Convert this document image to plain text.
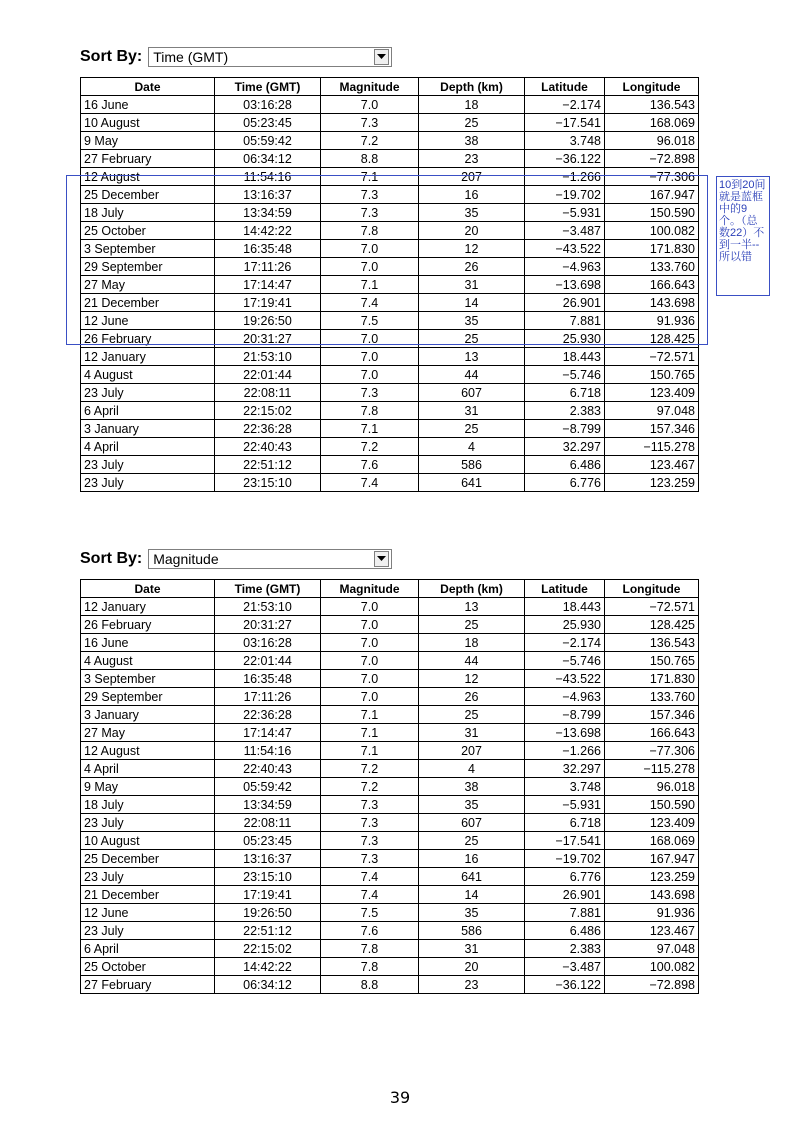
Sort By: Time (GMT)
Date	Time (GMT)	Magnitude	Depth (km)	Latitude	Longitude
16 June	03:16:28	7.0	18	−2.174	136.543
10 August	05:23:45	7.3	25	−17.541	168.069
9 May	05:59:42	7.2	38	3.748	96.018
27 February	06:34:12	8.8	23	−36.122	−72.898
12 August	11:54:16	7.1	207	−1.266	−77.306
25 December	13:16:37	7.3	16	−19.702	167.947
18 July	13:34:59	7.3	35	−5.931	150.590
25 October	14:42:22	7.8	20	−3.487	100.082
3 September	16:35:48	7.0	12	−43.522	171.830
29 September	17:11:26	7.0	26	−4.963	133.760
27 May	17:14:47	7.1	31	−13.698	166.643
21 December	17:19:41	7.4	14	26.901	143.698
12 June	19:26:50	7.5	35	7.881	91.936
26 February	20:31:27	7.0	25	25.930	128.425
12 January	21:53:10	7.0	13	18.443	−72.571
4 August	22:01:44	7.0	44	−5.746	150.765
23 July	22:08:11	7.3	607	6.718	123.409
6 April	22:15:02	7.8	31	2.383	97.048
3 January	22:36:28	7.1	25	−8.799	157.346
4 April	22:40:43	7.2	4	32.297	−115.278
23 July	22:51:12	7.6	586	6.486	123.467
23 July	23:15:10	7.4	641	6.776	123.259
10到20间就是蓝框中的9个。（总数22）不到一半--所以错
Sort By: Magnitude
Date	Time (GMT)	Magnitude	Depth (km)	Latitude	Longitude
12 January	21:53:10	7.0	13	18.443	−72.571
26 February	20:31:27	7.0	25	25.930	128.425
16 June	03:16:28	7.0	18	−2.174	136.543
4 August	22:01:44	7.0	44	−5.746	150.765
3 September	16:35:48	7.0	12	−43.522	171.830
29 September	17:11:26	7.0	26	−4.963	133.760
3 January	22:36:28	7.1	25	−8.799	157.346
27 May	17:14:47	7.1	31	−13.698	166.643
12 August	11:54:16	7.1	207	−1.266	−77.306
4 April	22:40:43	7.2	4	32.297	−115.278
9 May	05:59:42	7.2	38	3.748	96.018
18 July	13:34:59	7.3	35	−5.931	150.590
23 July	22:08:11	7.3	607	6.718	123.409
10 August	05:23:45	7.3	25	−17.541	168.069
25 December	13:16:37	7.3	16	−19.702	167.947
23 July	23:15:10	7.4	641	6.776	123.259
21 December	17:19:41	7.4	14	26.901	143.698
12 June	19:26:50	7.5	35	7.881	91.936
23 July	22:51:12	7.6	586	6.486	123.467
6 April	22:15:02	7.8	31	2.383	97.048
25 October	14:42:22	7.8	20	−3.487	100.082
27 February	06:34:12	8.8	23	−36.122	−72.898
39
